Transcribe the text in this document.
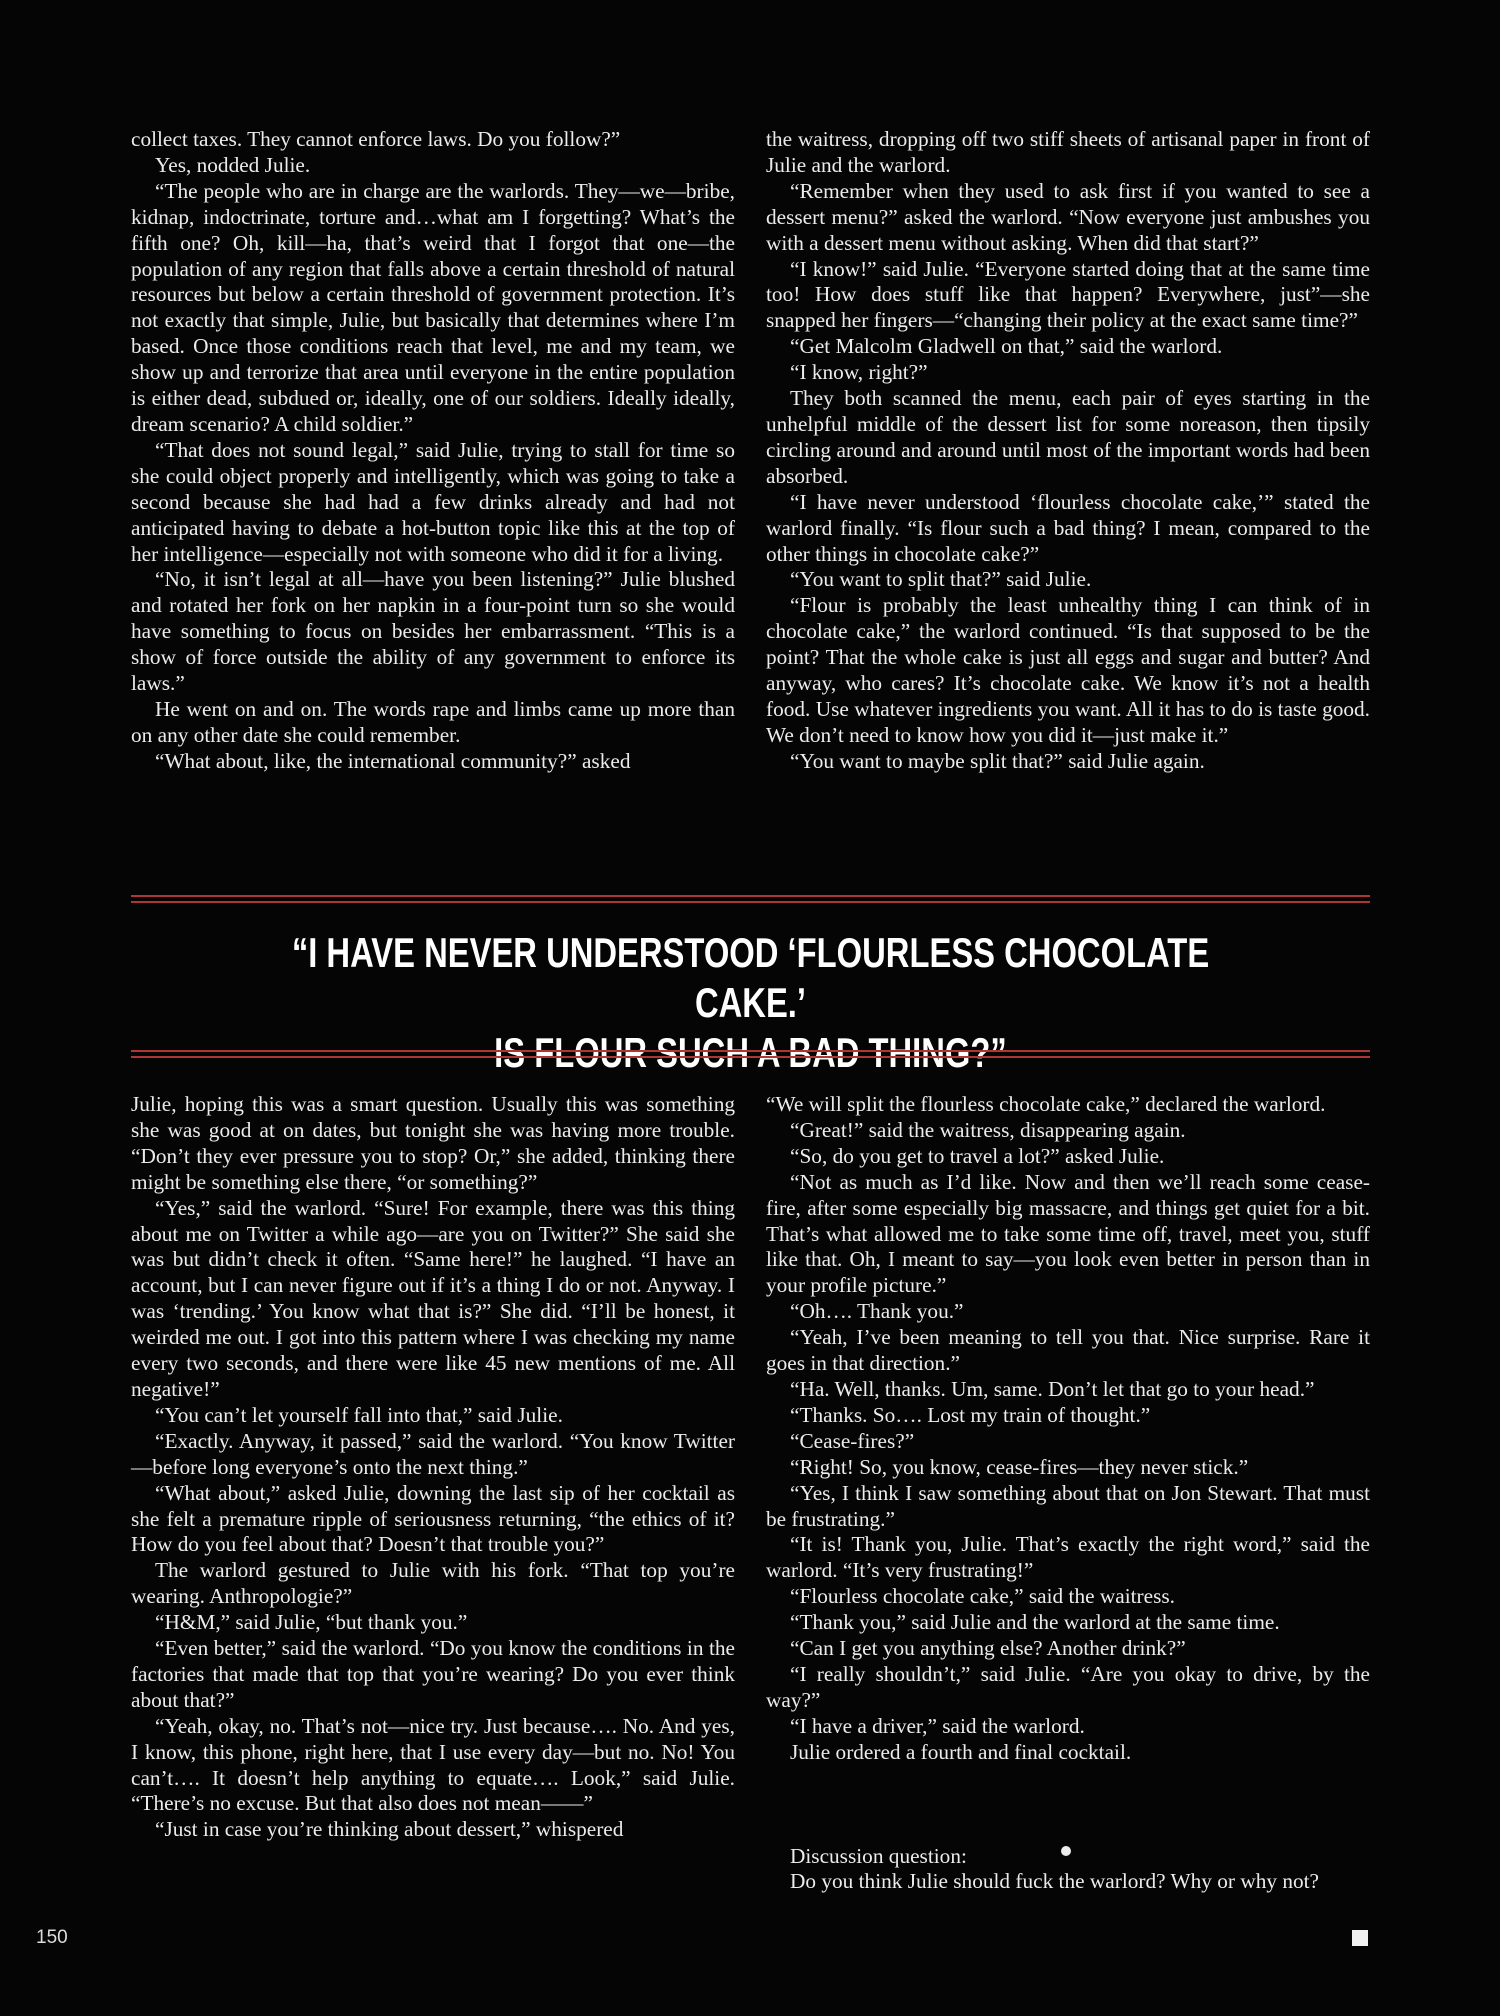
collect taxes. They cannot enforce laws. Do you follow?”

Yes, nodded Julie.

“The people who are in charge are the warlords. They—we—bribe, kidnap, indoctrinate, torture and…what am I forgetting? What’s the fifth one? Oh, kill—ha, that’s weird that I forgot that one—the population of any region that falls above a certain threshold of natural resources but below a certain threshold of government protection. It’s not exactly that simple, Julie, but basically that determines where I’m based. Once those conditions reach that level, me and my team, we show up and terrorize that area until everyone in the entire population is either dead, subdued or, ideally, one of our soldiers. Ideally ideally, dream scenario? A child soldier.”

“That does not sound legal,” said Julie, trying to stall for time so she could object properly and intelligently, which was going to take a second because she had had a few drinks already and had not anticipated having to debate a hot-button topic like this at the top of her intelligence—especially not with someone who did it for a living.

“No, it isn’t legal at all—have you been listening?” Julie blushed and rotated her fork on her napkin in a four-point turn so she would have something to focus on besides her embarrassment. “This is a show of force outside the ability of any government to enforce its laws.”

He went on and on. The words rape and limbs came up more than on any other date she could remember.

“What about, like, the international community?” asked

the waitress, dropping off two stiff sheets of artisanal paper in front of Julie and the warlord.

“Remember when they used to ask first if you wanted to see a dessert menu?” asked the warlord. “Now everyone just ambushes you with a dessert menu without asking. When did that start?”

“I know!” said Julie. “Everyone started doing that at the same time too! How does stuff like that happen? Everywhere, just”—she snapped her fingers—“changing their policy at the exact same time?”

“Get Malcolm Gladwell on that,” said the warlord.

“I know, right?”

They both scanned the menu, each pair of eyes starting in the unhelpful middle of the dessert list for some noreason, then tipsily circling around and around until most of the important words had been absorbed.

“I have never understood ‘flourless chocolate cake,’” stated the warlord finally. “Is flour such a bad thing? I mean, compared to the other things in chocolate cake?”

“You want to split that?” said Julie.

“Flour is probably the least unhealthy thing I can think of in chocolate cake,” the warlord continued. “Is that supposed to be the point? That the whole cake is just all eggs and sugar and butter? And anyway, who cares? It’s chocolate cake. We know it’s not a health food. Use whatever ingredients you want. All it has to do is taste good. We don’t need to know how you did it—just make it.”

“You want to maybe split that?” said Julie again.

“I HAVE NEVER UNDERSTOOD ‘FLOURLESS CHOCOLATE CAKE.’
IS FLOUR SUCH A BAD THING?”

Julie, hoping this was a smart question. Usually this was something she was good at on dates, but tonight she was having more trouble. “Don’t they ever pressure you to stop? Or,” she added, thinking there might be something else there, “or something?”

“Yes,” said the warlord. “Sure! For example, there was this thing about me on Twitter a while ago—are you on Twitter?” She said she was but didn’t check it often. “Same here!” he laughed. “I have an account, but I can never figure out if it’s a thing I do or not. Anyway. I was ‘trending.’ You know what that is?” She did. “I’ll be honest, it weirded me out. I got into this pattern where I was checking my name every two seconds, and there were like 45 new mentions of me. All negative!”

“You can’t let yourself fall into that,” said Julie.

“Exactly. Anyway, it passed,” said the warlord. “You know Twitter—before long everyone’s onto the next thing.”

“What about,” asked Julie, downing the last sip of her cocktail as she felt a premature ripple of seriousness returning, “the ethics of it? How do you feel about that? Doesn’t that trouble you?”

The warlord gestured to Julie with his fork. “That top you’re wearing. Anthropologie?”

“H&M,” said Julie, “but thank you.”

“Even better,” said the warlord. “Do you know the conditions in the factories that made that top that you’re wearing? Do you ever think about that?”

“Yeah, okay, no. That’s not—nice try. Just because…. No. And yes, I know, this phone, right here, that I use every day—but no. No! You can’t…. It doesn’t help anything to equate…. Look,” said Julie. “There’s no excuse. But that also does not mean——”

“Just in case you’re thinking about dessert,” whispered

“We will split the flourless chocolate cake,” declared the warlord.

“Great!” said the waitress, disappearing again.

“So, do you get to travel a lot?” asked Julie.

“Not as much as I’d like. Now and then we’ll reach some cease-fire, after some especially big massacre, and things get quiet for a bit. That’s what allowed me to take some time off, travel, meet you, stuff like that. Oh, I meant to say—you look even better in person than in your profile picture.”

“Oh…. Thank you.”

“Yeah, I’ve been meaning to tell you that. Nice surprise. Rare it goes in that direction.”

“Ha. Well, thanks. Um, same. Don’t let that go to your head.”

“Thanks. So…. Lost my train of thought.”

“Cease-fires?”

“Right! So, you know, cease-fires—they never stick.”

“Yes, I think I saw something about that on Jon Stewart. That must be frustrating.”

“It is! Thank you, Julie. That’s exactly the right word,” said the warlord. “It’s very frustrating!”

“Flourless chocolate cake,” said the waitress.

“Thank you,” said Julie and the warlord at the same time.

“Can I get you anything else? Another drink?”

“I really shouldn’t,” said Julie. “Are you okay to drive, by the way?”

“I have a driver,” said the warlord.

Julie ordered a fourth and final cocktail.

Discussion question:

Do you think Julie should fuck the warlord? Why or why not?

150
